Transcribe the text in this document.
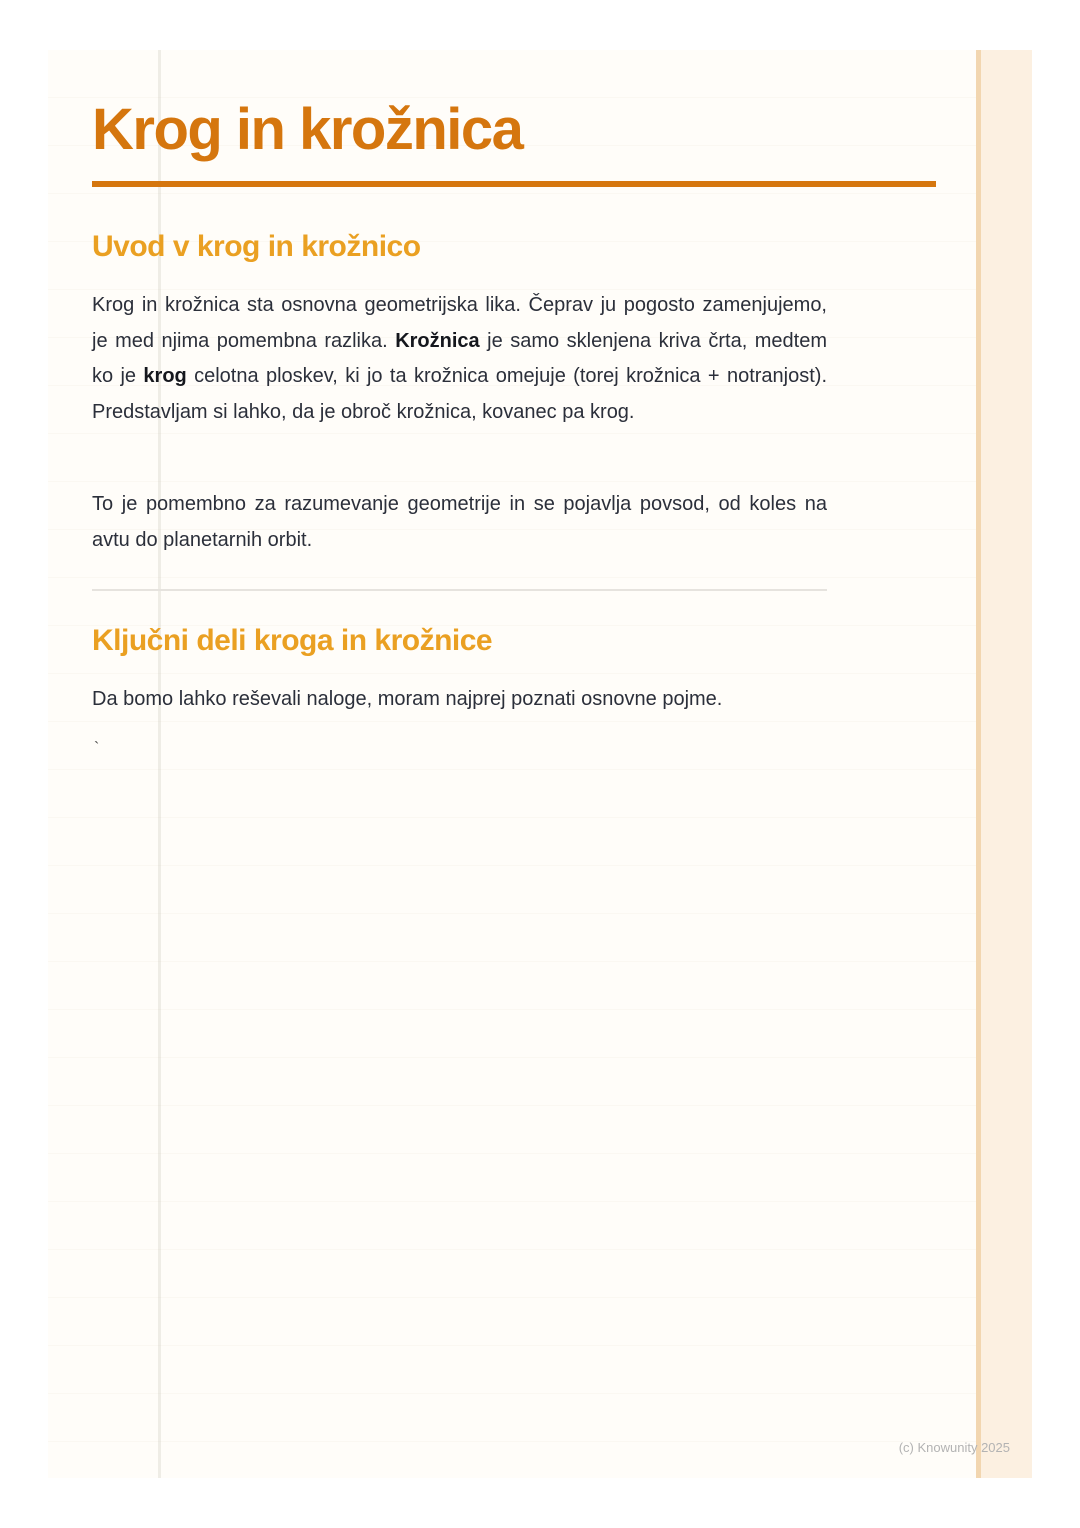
Krog in krožnica
Uvod v krog in krožnico

Krog in krožnica sta osnovna geometrijska lika. Čeprav ju pogosto zamenjujemo, je med njima pomembna razlika. Krožnica je samo sklenjena kriva črta, medtem ko je krog celotna ploskev, ki jo ta krožnica omejuje (torej krožnica + notranjost). Predstavljam si lahko, da je obroč krožnica, kovanec pa krog.

To je pomembno za razumevanje geometrije in se pojavlja povsod, od koles na avtu do planetarnih orbit.

Ključni deli kroga in krožnice

Da bomo lahko reševali naloge, moram najprej poznati osnovne pojme.

`
(c) Knowunity 2025
